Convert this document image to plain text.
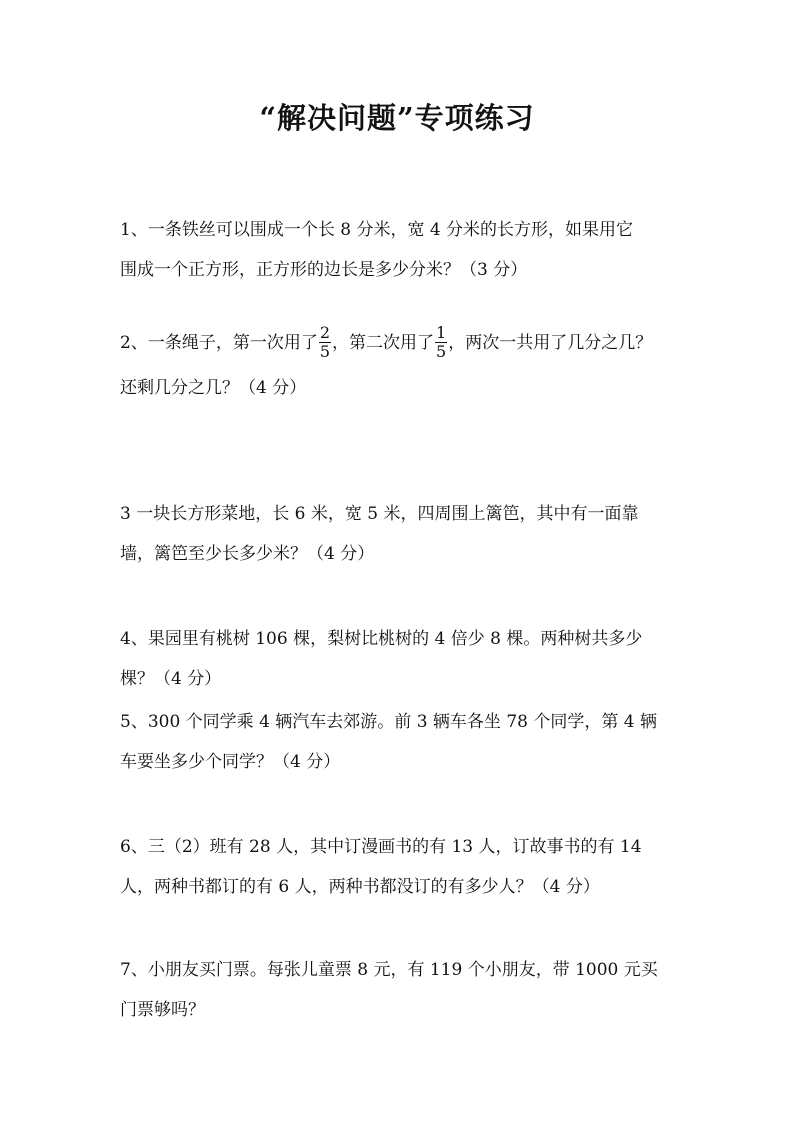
“解决问题”专项练习
1、一条铁丝可以围成一个长 8 分米，宽 4 分米的长方形，如果用它
围成一个正方形，正方形的边长是多少分米？（3 分）
2、一条绳子，第一次用了 $\frac{2}{5}$ ，第二次用了 $\frac{1}{5}$ ，两次一共用了几分之几？
还剩几分之几？（4 分）
3 一块长方形菜地，长 6 米，宽 5 米，四周围上篱笆，其中有一面靠
墙，篱笆至少长多少米？（4 分）
4、果园里有桃树 106 棵，梨树比桃树的 4 倍少 8 棵。两种树共多少
棵？（4 分）
5、300 个同学乘 4 辆汽车去郊游。前 3 辆车各坐 78 个同学，第 4 辆
车要坐多少个同学？（4 分）
6、三（2）班有 28 人，其中订漫画书的有 13 人，订故事书的有 14
人，两种书都订的有 6 人，两种书都没订的有多少人？（4 分）
7、小朋友买门票。每张儿童票 8 元，有 119 个小朋友，带 1000 元买
门票够吗？
